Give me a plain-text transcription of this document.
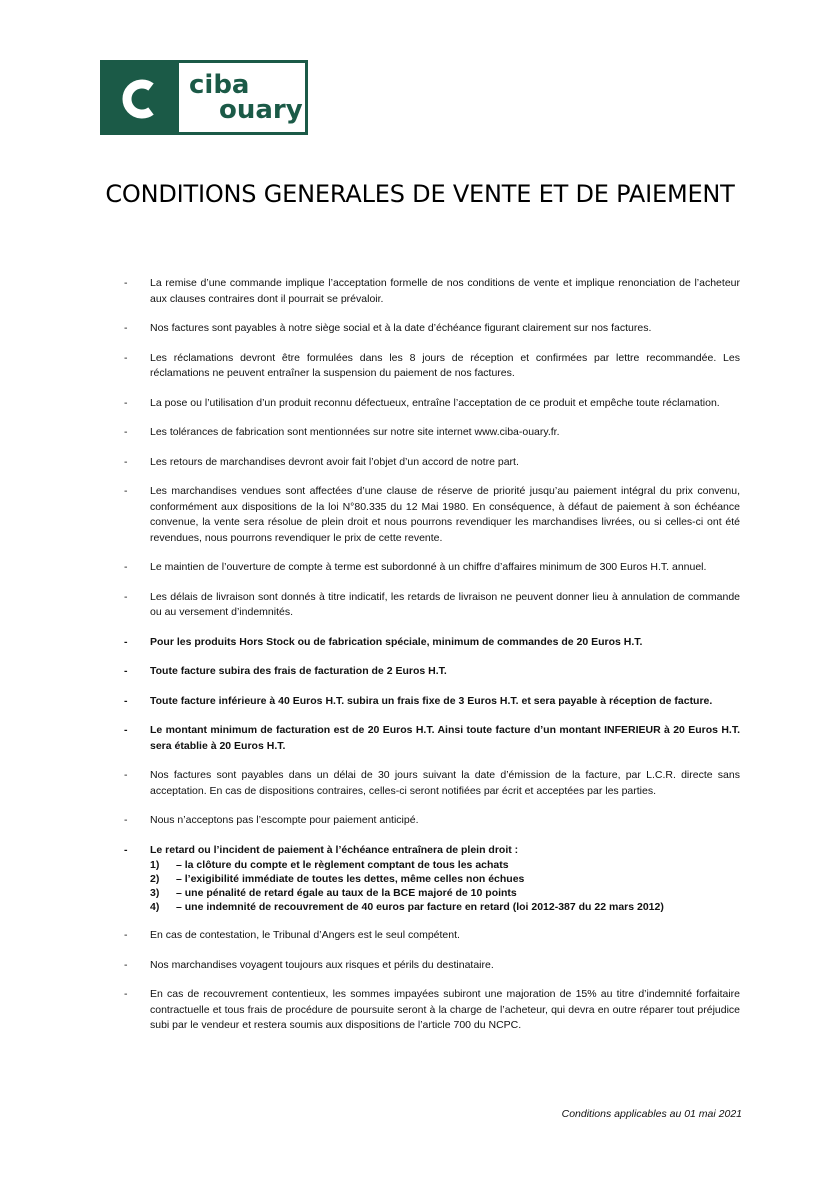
ciba
ouary
CONDITIONS GENERALES DE VENTE ET DE PAIEMENT
- La remise d’une commande implique l’acceptation formelle de nos conditions de vente et implique renonciation de l’acheteur aux clauses contraires dont il pourrait se prévaloir.
- Nos factures sont payables à notre siège social et à la date d’échéance figurant clairement sur nos factures.
- Les réclamations devront être formulées dans les 8 jours de réception et confirmées par lettre recommandée. Les réclamations ne peuvent entraîner la suspension du paiement de nos factures.
- La pose ou l’utilisation d’un produit reconnu défectueux, entraîne l’acceptation de ce produit et empêche toute réclamation.
- Les tolérances de fabrication sont mentionnées sur notre site internet www.ciba-ouary.fr.
- Les retours de marchandises devront avoir fait l’objet d’un accord de notre part.
- Les marchandises vendues sont affectées d’une clause de réserve de priorité jusqu’au paiement intégral du prix convenu, conformément aux dispositions de la loi N°80.335 du 12 Mai 1980. En conséquence, à défaut de paiement à son échéance convenue, la vente sera résolue de plein droit et nous pourrons revendiquer les marchandises livrées, ou si celles-ci ont été revendues, nous pourrons revendiquer le prix de cette revente.
- Le maintien de l’ouverture de compte à terme est subordonné à un chiffre d’affaires minimum de 300 Euros H.T. annuel.
- Les délais de livraison sont donnés à titre indicatif, les retards de livraison ne peuvent donner lieu à annulation de commande ou au versement d’indemnités.
- Pour les produits Hors Stock ou de fabrication spéciale, minimum de commandes de 20 Euros H.T.
- Toute facture subira des frais de facturation de 2 Euros H.T.
- Toute facture inférieure à 40 Euros H.T. subira un frais fixe de 3 Euros H.T. et sera payable à réception de facture.
- Le montant minimum de facturation est de 20 Euros H.T. Ainsi toute facture d’un montant INFERIEUR à 20 Euros H.T. sera établie à 20 Euros H.T.
- Nos factures sont payables dans un délai de 30 jours suivant la date d’émission de la facture, par L.C.R. directe sans acceptation. En cas de dispositions contraires, celles-ci seront notifiées par écrit et acceptées par les parties.
- Nous n’acceptons pas l’escompte pour paiement anticipé.
- Le retard ou l’incident de paiement à l’échéance entraînera de plein droit :
1)	– la clôture du compte et le règlement comptant de tous les achats
2)	– l’exigibilité immédiate de toutes les dettes, même celles non échues
3)	– une pénalité de retard égale au taux de la BCE majoré de 10 points
4)	– une indemnité de recouvrement de 40 euros par facture en retard (loi 2012-387 du 22 mars 2012)
- En cas de contestation, le Tribunal d’Angers est le seul compétent.
- Nos marchandises voyagent toujours aux risques et périls du destinataire.
- En cas de recouvrement contentieux, les sommes impayées subiront une majoration de 15% au titre d’indemnité forfaitaire contractuelle et tous frais de procédure de poursuite seront à la charge de l’acheteur, qui devra en outre réparer tout préjudice subi par le vendeur et restera soumis aux dispositions de l’article 700 du NCPC.
Conditions applicables au 01 mai 2021
